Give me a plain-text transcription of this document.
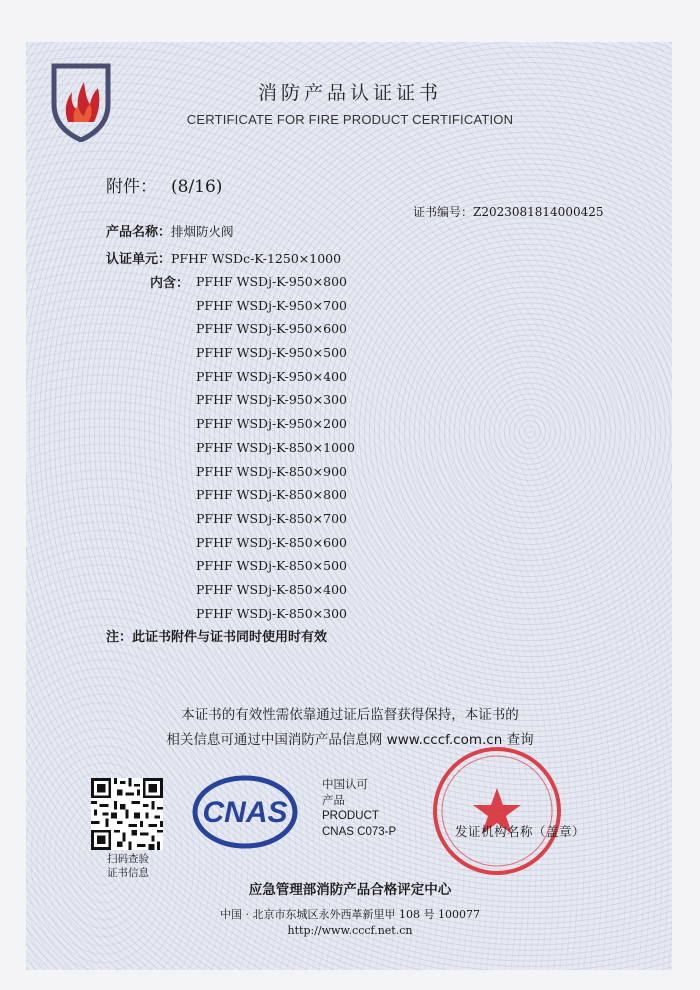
消防产品认证证书
CERTIFICATE FOR FIRE PRODUCT CERTIFICATION
附件： (8/16)
证书编号：Z2023081814000425
产品名称：排烟防火阀
认证单元：PFHF WSDc-K-1250×1000
内含： PFHF WSDj-K-950×800
PFHF WSDj-K-950×700
PFHF WSDj-K-950×600
PFHF WSDj-K-950×500
PFHF WSDj-K-950×400
PFHF WSDj-K-950×300
PFHF WSDj-K-950×200
PFHF WSDj-K-850×1000
PFHF WSDj-K-850×900
PFHF WSDj-K-850×800
PFHF WSDj-K-850×700
PFHF WSDj-K-850×600
PFHF WSDj-K-850×500
PFHF WSDj-K-850×400
PFHF WSDj-K-850×300
注：此证书附件与证书同时使用时有效
本证书的有效性需依靠通过证后监督获得保持，本证书的
相关信息可通过中国消防产品信息网 www.cccf.com.cn 查询
扫码查验
证书信息
CNAS
中国认可
产品
PRODUCT
CNAS C073-P	发证机构名称（盖章）
应急管理部消防产品合格评定中心
中国 · 北京市东城区永外西革新里甲 108 号 100077
http://www.cccf.net.cn
